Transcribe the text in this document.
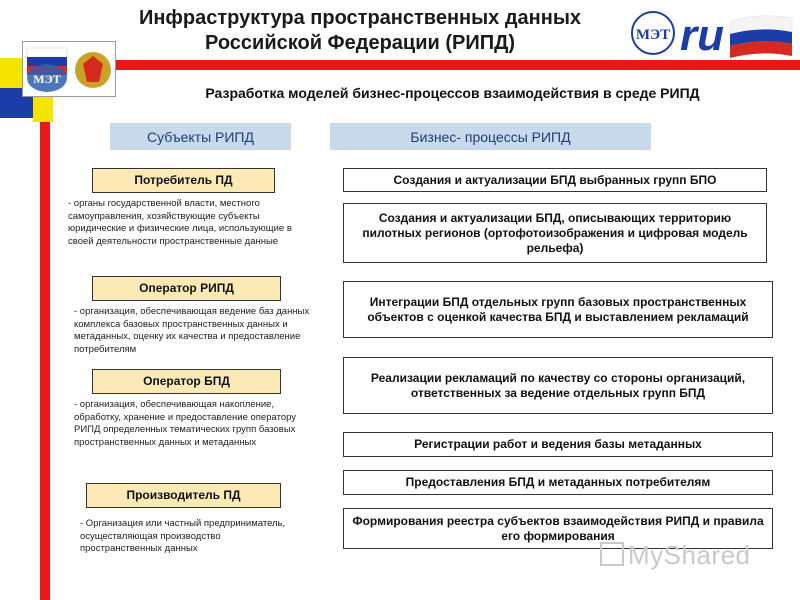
МЭТ
Инфраструктура пространственных данных
Российской Федерации (РИПД)	МЭТ ru
Разработка моделей бизнес-процессов взаимодействия в среде РИПД
Субъекты РИПД	Бизнес- процессы РИПД
Потребитель ПД
- органы государственной власти, местного самоуправления, хозяйствующие субъекты юридические и физические лица, использующие в своей деятельности пространственные данные
Оператор РИПД
- организация, обеспечивающая ведение баз данных комплекса базовых пространственных данных и метаданных, оценку их качества и предоставление потребителям
Оператор БПД
- организация, обеспечивающая накопление, обработку, хранение и предоставление оператору РИПД определенных тематических групп базовых пространственных данных и метаданных
Производитель ПД
- Организация или частный предприниматель, осуществляющая производство пространственных данных
Создания и актуализации БПД выбранных групп БПО
Создания и актуализации БПД, описывающих территорию пилотных регионов (ортофотоизображения и цифровая модель рельефа)
Интеграции БПД отдельных групп базовых пространственных объектов с оценкой качества БПД и выставлением рекламаций
Реализации рекламаций по качеству со стороны организаций, ответственных за ведение отдельных групп БПД
Регистрации работ и ведения базы метаданных
Предоставления БПД и метаданных потребителям
Формирования реестра субъектов взаимодействия РИПД и правила его формирования
MyShared
